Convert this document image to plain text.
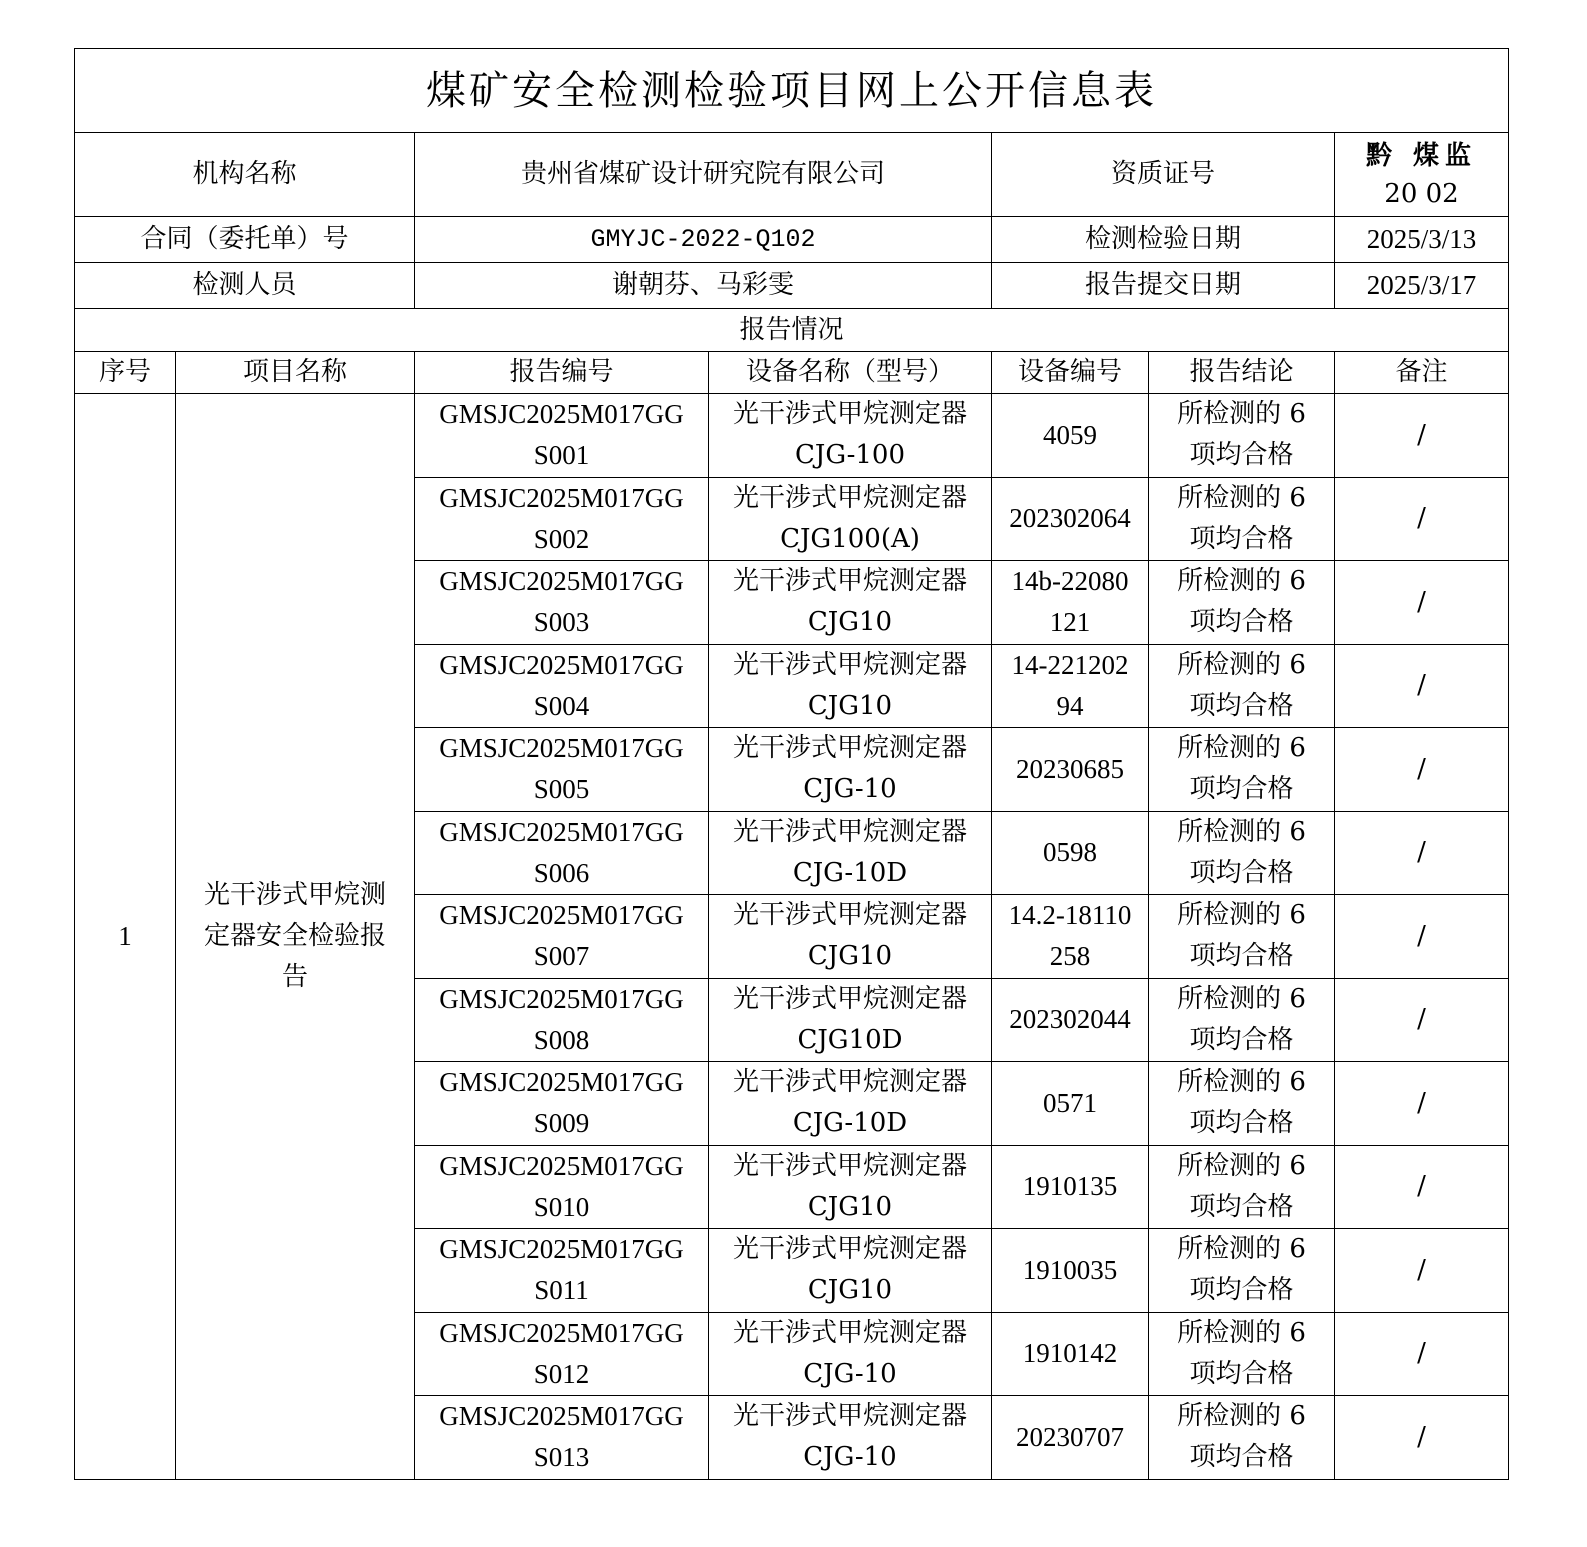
煤矿安全检测检验项目网上公开信息表						
机构名称		贵州省煤矿设计研究院有限公司		资质证号		黔 煤监
20 02

合同（委托单）号		GMYJC-2022-Q102		检测检验日期		2025/3/13
检测人员		谢朝芬、马彩雯		报告提交日期		2025/3/17
报告情况						
序号	项目名称	报告编号	设备名称（型号）	设备编号	报告结论	备注
1	光干涉式甲烷测
定器安全检验报
告	GMSJC2025M017GG
S001	光干涉式甲烷测定器
CJG-100	4059	所检测的 6
项均合格	/

		GMSJC2025M017GG
S002	光干涉式甲烷测定器
CJG100(A)	202302064	所检测的 6
项均合格	/

		GMSJC2025M017GG
S003	光干涉式甲烷测定器
CJG10	14b-22080
121	所检测的 6
项均合格	/

		GMSJC2025M017GG
S004	光干涉式甲烷测定器
CJG10	14-221202
94	所检测的 6
项均合格	/

		GMSJC2025M017GG
S005	光干涉式甲烷测定器
CJG-10	20230685	所检测的 6
项均合格	/

		GMSJC2025M017GG
S006	光干涉式甲烷测定器
CJG-10D	0598	所检测的 6
项均合格	/

		GMSJC2025M017GG
S007	光干涉式甲烷测定器
CJG10	14.2-18110
258	所检测的 6
项均合格	/

		GMSJC2025M017GG
S008	光干涉式甲烷测定器
CJG10D	202302044	所检测的 6
项均合格	/

		GMSJC2025M017GG
S009	光干涉式甲烷测定器
CJG-10D	0571	所检测的 6
项均合格	/

		GMSJC2025M017GG
S010	光干涉式甲烷测定器
CJG10	1910135	所检测的 6
项均合格	/

		GMSJC2025M017GG
S011	光干涉式甲烷测定器
CJG10	1910035	所检测的 6
项均合格	/

		GMSJC2025M017GG
S012	光干涉式甲烷测定器
CJG-10	1910142	所检测的 6
项均合格	/

		GMSJC2025M017GG
S013	光干涉式甲烷测定器
CJG-10	20230707	所检测的 6
项均合格	/
